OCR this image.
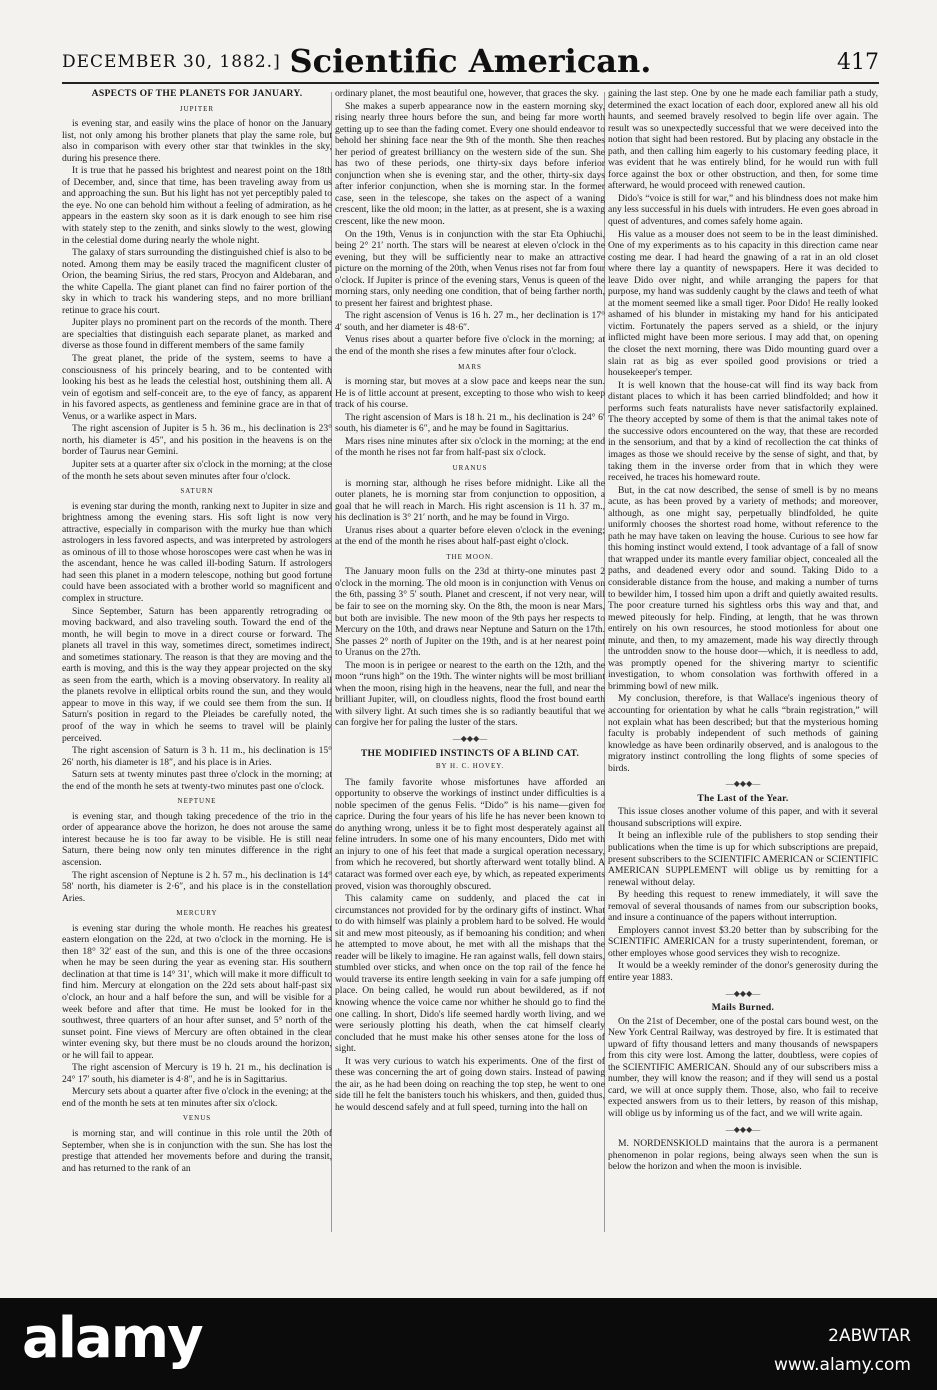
DECEMBER 30, 1882.] Scientific American.	417
ASPECTS OF THE PLANETS FOR JANUARY.
JUPITER

is evening star, and easily wins the place of honor on the January list, not only among his brother planets that play the same role, but also in comparison with every other star that twinkles in the sky, during his presence there.

It is true that he passed his brightest and nearest point on the 18th of December, and, since that time, has been traveling away from us and approaching the sun. But his light has not yet perceptibly paled to the eye. No one can behold him without a feeling of admiration, as he appears in the eastern sky soon as it is dark enough to see him rise with stately step to the zenith, and sinks slowly to the west, glowing in the celestial dome during nearly the whole night.

The galaxy of stars surrounding the distinguished chief is also to be noted. Among them may be easily traced the magnificent cluster of Orion, the beaming Sirius, the red stars, Procyon and Aldebaran, and the white Capella. The giant planet can find no fairer portion of the sky in which to track his wandering steps, and no more brilliant retinue to grace his court.

Jupiter plays no prominent part on the records of the month. There are specialties that distinguish each separate planet, as marked and diverse as those found in different members of the same family

The great planet, the pride of the system, seems to have a consciousness of his princely bearing, and to be contented with looking his best as he leads the celestial host, outshining them all. A vein of egotism and self-conceit are, to the eye of fancy, as apparent in his favored aspects, as gentleness and feminine grace are in that of Venus, or a warlike aspect in Mars.

The right ascension of Jupiter is 5 h. 36 m., his declination is 23° north, his diameter is 45″, and his position in the heavens is on the border of Taurus near Gemini.

Jupiter sets at a quarter after six o'clock in the morning; at the close of the month he sets about seven minutes after four o'clock.

SATURN

is evening star during the month, ranking next to Jupiter in size and brightness among the evening stars. His soft light is now very attractive, especially in comparison with the murky hue than which astrologers in less favored aspects, and was interpreted by astrologers as ominous of ill to those whose horoscopes were cast when he was in the ascendant, hence he was called ill-boding Saturn. If astrologers had seen this planet in a modern telescope, nothing but good fortune could have been associated with a brother world so magnificent and complex in structure.

Since September, Saturn has been apparently retrograding or moving backward, and also traveling south. Toward the end of the month, he will begin to move in a direct course or forward. The planets all travel in this way, sometimes direct, sometimes indirect, and sometimes stationary. The reason is that they are moving and the earth is moving, and this is the way they appear projected on the sky as seen from the earth, which is a moving observatory. In reality all the planets revolve in elliptical orbits round the sun, and they would appear to move in this way, if we could see them from the sun. If Saturn's position in regard to the Pleiades be carefully noted, the proof of the way in which he seems to travel will be plainly perceived.

The right ascension of Saturn is 3 h. 11 m., his declination is 15° 26′ north, his diameter is 18″, and his place is in Aries.

Saturn sets at twenty minutes past three o'clock in the morning; at the end of the month he sets at twenty-two minutes past one o'clock.

NEPTUNE

is evening star, and though taking precedence of the trio in the order of appearance above the horizon, he does not arouse the same interest because he is too far away to be visible. He is still near Saturn, there being now only ten minutes difference in the right ascension.

The right ascension of Neptune is 2 h. 57 m., his declination is 14° 58′ north, his diameter is 2·6″, and his place is in the constellation Aries.

MERCURY

is evening star during the whole month. He reaches his greatest eastern elongation on the 22d, at two o'clock in the morning. He is then 18° 32′ east of the sun, and this is one of the three occasions when he may be seen during the year as evening star. His southern declination at that time is 14° 31′, which will make it more difficult to find him. Mercury at elongation on the 22d sets about half-past six o'clock, an hour and a half before the sun, and will be visible for a week before and after that time. He must be looked for in the southwest, three quarters of an hour after sunset, and 5° north of the sunset point. Fine views of Mercury are often obtained in the clear winter evening sky, but there must be no clouds around the horizon, or he will fail to appear.

The right ascension of Mercury is 19 h. 21 m., his declination is 24° 17′ south, his diameter is 4·8″, and he is in Sagittarius.

Mercury sets about a quarter after five o'clock in the evening; at the end of the month he sets at ten minutes after six o'clock.

VENUS

is morning star, and will continue in this role until the 20th of September, when she is in conjunction with the sun. She has lost the prestige that attended her movements before and during the transit, and has returned to the rank of an

ordinary planet, the most beautiful one, however, that graces the sky.

She makes a superb appearance now in the eastern morning sky, rising nearly three hours before the sun, and being far more worth getting up to see than the fading comet. Every one should endeavor to behold her shining face near the 9th of the month. She then reaches her period of greatest brilliancy on the western side of the sun. She has two of these periods, one thirty-six days before inferior conjunction when she is evening star, and the other, thirty-six days after inferior conjunction, when she is morning star. In the former case, seen in the telescope, she takes on the aspect of a waning crescent, like the old moon; in the latter, as at present, she is a waxing crescent, like the new moon.

On the 19th, Venus is in conjunction with the star Eta Ophiuchi, being 2° 21′ north. The stars will be nearest at eleven o'clock in the evening, but they will be sufficiently near to make an attractive picture on the morning of the 20th, when Venus rises not far from four o'clock. If Jupiter is prince of the evening stars, Venus is queen of the morning stars, only needing one condition, that of being farther north, to present her fairest and brightest phase.

The right ascension of Venus is 16 h. 27 m., her declination is 17° 4′ south, and her diameter is 48·6″.

Venus rises about a quarter before five o'clock in the morning; at the end of the month she rises a few minutes after four o'clock.

MARS

is morning star, but moves at a slow pace and keeps near the sun. He is of little account at present, excepting to those who wish to keep track of his course.

The right ascension of Mars is 18 h. 21 m., his declination is 24° 6′ south, his diameter is 6″, and he may be found in Sagittarius.

Mars rises nine minutes after six o'clock in the morning; at the end of the month he rises not far from half-past six o'clock.

URANUS

is morning star, although he rises before midnight. Like all the outer planets, he is morning star from conjunction to opposition, a goal that he will reach in March. His right ascension is 11 h. 37 m., his declination is 3° 21′ north, and he may be found in Virgo.

Uranus rises about a quarter before eleven o'clock in the evening; at the end of the month he rises about half-past eight o'clock.

THE MOON.

The January moon fulls on the 23d at thirty-one minutes past 2 o'clock in the morning. The old moon is in conjunction with Venus on the 6th, passing 3° 5′ south. Planet and crescent, if not very near, will be fair to see on the morning sky. On the 8th, the moon is near Mars, but both are invisible. The new moon of the 9th pays her respects to Mercury on the 10th, and draws near Neptune and Saturn on the 17th. She passes 2° north of Jupiter on the 19th, and is at her nearest point to Uranus on the 27th.

The moon is in perigee or nearest to the earth on the 12th, and the moon “runs high” on the 19th. The winter nights will be most brilliant when the moon, rising high in the heavens, near the full, and near the brilliant Jupiter, will, on cloudless nights, flood the frost bound earth with silvery light. At such times she is so radiantly beautiful that we can forgive her for paling the luster of the stars.

—◆◆◆—
THE MODIFIED INSTINCTS OF A BLIND CAT.
BY H. C. HOVEY.

The family favorite whose misfortunes have afforded an opportunity to observe the workings of instinct under difficulties is a noble specimen of the genus Felis. “Dido” is his name—given for caprice. During the four years of his life he has never been known to do anything wrong, unless it be to fight most desperately against all feline intruders. In some one of his many encounters, Dido met with an injury to one of his feet that made a surgical operation necessary, from which he recovered, but shortly afterward went totally blind. A cataract was formed over each eye, by which, as repeated experiments proved, vision was thoroughly obscured.

This calamity came on suddenly, and placed the cat in circumstances not provided for by the ordinary gifts of instinct. What to do with himself was plainly a problem hard to be solved. He would sit and mew most piteously, as if bemoaning his condition; and when he attempted to move about, he met with all the mishaps that the reader will be likely to imagine. He ran against walls, fell down stairs, stumbled over sticks, and when once on the top rail of the fence he would traverse its entire length seeking in vain for a safe jumping off place. On being called, he would run about bewildered, as if not knowing whence the voice came nor whither he should go to find the one calling. In short, Dido's life seemed hardly worth living, and we were seriously plotting his death, when the cat himself clearly concluded that he must make his other senses atone for the loss of sight.

It was very curious to watch his experiments. One of the first of these was concerning the art of going down stairs. Instead of pawing the air, as he had been doing on reaching the top step, he went to one side till he felt the banisters touch his whiskers, and then, guided thus, he would descend safely and at full speed, turning into the hall on

gaining the last step. One by one he made each familiar path a study, determined the exact location of each door, explored anew all his old haunts, and seemed bravely resolved to begin life over again. The result was so unexpectedly successful that we were deceived into the notion that sight had been restored. But by placing any obstacle in the path, and then calling him eagerly to his customary feeding place, it was evident that he was entirely blind, for he would run with full force against the box or other obstruction, and then, for some time afterward, he would proceed with renewed caution.

Dido's “voice is still for war,” and his blindness does not make him any less successful in his duels with intruders. He even goes abroad in quest of adventures, and comes safely home again.

His value as a mouser does not seem to be in the least diminished. One of my experiments as to his capacity in this direction came near costing me dear. I had heard the gnawing of a rat in an old closet where there lay a quantity of newspapers. Here it was decided to leave Dido over night, and while arranging the papers for that purpose, my hand was suddenly caught by the claws and teeth of what at the moment seemed like a small tiger. Poor Dido! He really looked ashamed of his blunder in mistaking my hand for his anticipated victim. Fortunately the papers served as a shield, or the injury inflicted might have been more serious. I may add that, on opening the closet the next morning, there was Dido mounting guard over a slain rat as big as ever spoiled good provisions or tried a housekeeper's temper.

It is well known that the house-cat will find its way back from distant places to which it has been carried blindfolded; and how it performs such feats naturalists have never satisfactorily explained. The theory accepted by some of them is that the animal takes note of the successive odors encountered on the way, that these are recorded in the sensorium, and that by a kind of recollection the cat thinks of images as those we should receive by the sense of sight, and that, by taking them in the inverse order from that in which they were received, he traces his homeward route.

But, in the cat now described, the sense of smell is by no means acute, as has been proved by a variety of methods; and moreover, although, as one might say, perpetually blindfolded, he quite uniformly chooses the shortest road home, without reference to the path he may have taken on leaving the house. Curious to see how far this homing instinct would extend, I took advantage of a fall of snow that wrapped under its mantle every familiar object, concealed all the paths, and deadened every odor and sound. Taking Dido to a considerable distance from the house, and making a number of turns to bewilder him, I tossed him upon a drift and quietly awaited results. The poor creature turned his sightless orbs this way and that, and mewed piteously for help. Finding, at length, that he was thrown entirely on his own resources, he stood motionless for about one minute, and then, to my amazement, made his way directly through the untrodden snow to the house door—which, it is needless to add, was promptly opened for the shivering martyr to scientific investigation, to whom consolation was forthwith offered in a brimming bowl of new milk.

My conclusion, therefore, is that Wallace's ingenious theory of accounting for orientation by what he calls “brain registration,” will not explain what has been described; but that the mysterious homing faculty is probably independent of such methods of gaining knowledge as have been ordinarily observed, and is analogous to the migratory instinct controlling the long flights of some species of birds.

—◆◆◆—
The Last of the Year.

This issue closes another volume of this paper, and with it several thousand subscriptions will expire.

It being an inflexible rule of the publishers to stop sending their publications when the time is up for which subscriptions are prepaid, present subscribers to the SCIENTIFIC AMERICAN or SCIENTIFIC AMERICAN SUPPLEMENT will oblige us by remitting for a renewal without delay.

By heeding this request to renew immediately, it will save the removal of several thousands of names from our subscription books, and insure a continuance of the papers without interruption.

Employers cannot invest $3.20 better than by subscribing for the SCIENTIFIC AMERICAN for a trusty superintendent, foreman, or other employes whose good services they wish to recognize.

It would be a weekly reminder of the donor's generosity during the entire year 1883.

—◆◆◆—
Mails Burned.

On the 21st of December, one of the postal cars bound west, on the New York Central Railway, was destroyed by fire. It is estimated that upward of fifty thousand letters and many thousands of newspapers from this city were lost. Among the latter, doubtless, were copies of the SCIENTIFIC AMERICAN. Should any of our subscribers miss a number, they will know the reason; and if they will send us a postal card, we will at once supply them. Those, also, who fail to receive expected answers from us to their letters, by reason of this mishap, will oblige us by informing us of the fact, and we will write again.

—◆◆◆—

M. NORDENSKIOLD maintains that the aurora is a permanent phenomenon in polar regions, being always seen when the sun is below the horizon and when the moon is invisible.

alamy	2ABWTAR
www.alamy.com
